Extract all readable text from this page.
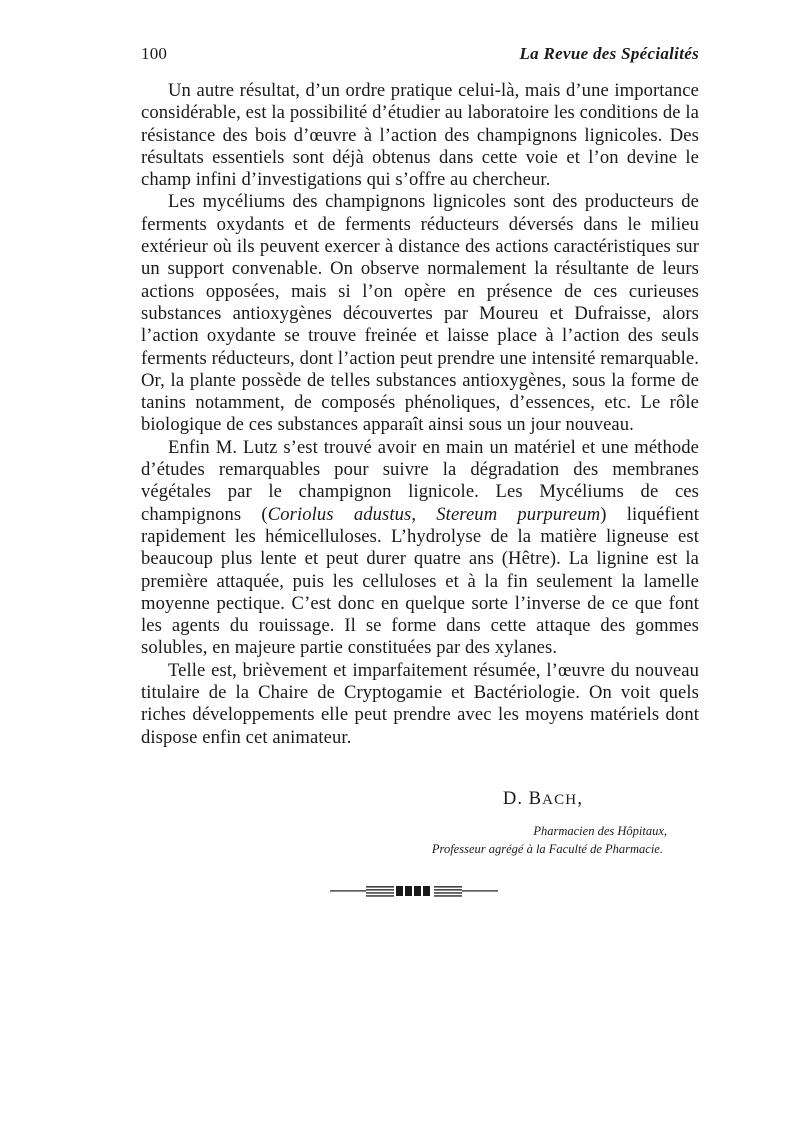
100	La Revue des Spécialités

Un autre résultat, d’un ordre pratique celui-là, mais d’une importance considérable, est la possibilité d’étudier au laboratoire les conditions de la résistance des bois d’œuvre à l’action des champignons lignicoles. Des résultats essentiels sont déjà obtenus dans cette voie et l’on devine le champ infini d’investigations qui s’offre au chercheur.

Les mycéliums des champignons lignicoles sont des producteurs de ferments oxydants et de ferments réducteurs déversés dans le milieu extérieur où ils peuvent exercer à distance des actions caractéristiques sur un support convenable. On observe normalement la résultante de leurs actions opposées, mais si l’on opère en présence de ces curieuses substances antioxygènes découvertes par Moureu et Dufraisse, alors l’action oxydante se trouve freinée et laisse place à l’action des seuls ferments réducteurs, dont l’action peut prendre une intensité remarquable. Or, la plante possède de telles substances antioxygènes, sous la forme de tanins notamment, de composés phénoliques, d’essences, etc. Le rôle biologique de ces substances apparaît ainsi sous un jour nouveau.

Enfin M. Lutz s’est trouvé avoir en main un matériel et une méthode d’études remarquables pour suivre la dégradation des membranes végétales par le champignon lignicole. Les Mycéliums de ces champignons (Coriolus adustus, Stereum purpureum) liquéfient rapidement les hémicelluloses. L’hydrolyse de la matière ligneuse est beaucoup plus lente et peut durer quatre ans (Hêtre). La lignine est la première attaquée, puis les celluloses et à la fin seulement la lamelle moyenne pectique. C’est donc en quelque sorte l’inverse de ce que font les agents du rouissage. Il se forme dans cette attaque des gommes solubles, en majeure partie constituées par des xylanes.

Telle est, brièvement et imparfaitement résumée, l’œuvre du nouveau titulaire de la Chaire de Cryptogamie et Bactériologie. On voit quels riches développements elle peut prendre avec les moyens matériels dont dispose enfin cet animateur.

D. BACH,
Pharmacien des Hôpitaux,
Professeur agrégé à la Faculté de Pharmacie.
